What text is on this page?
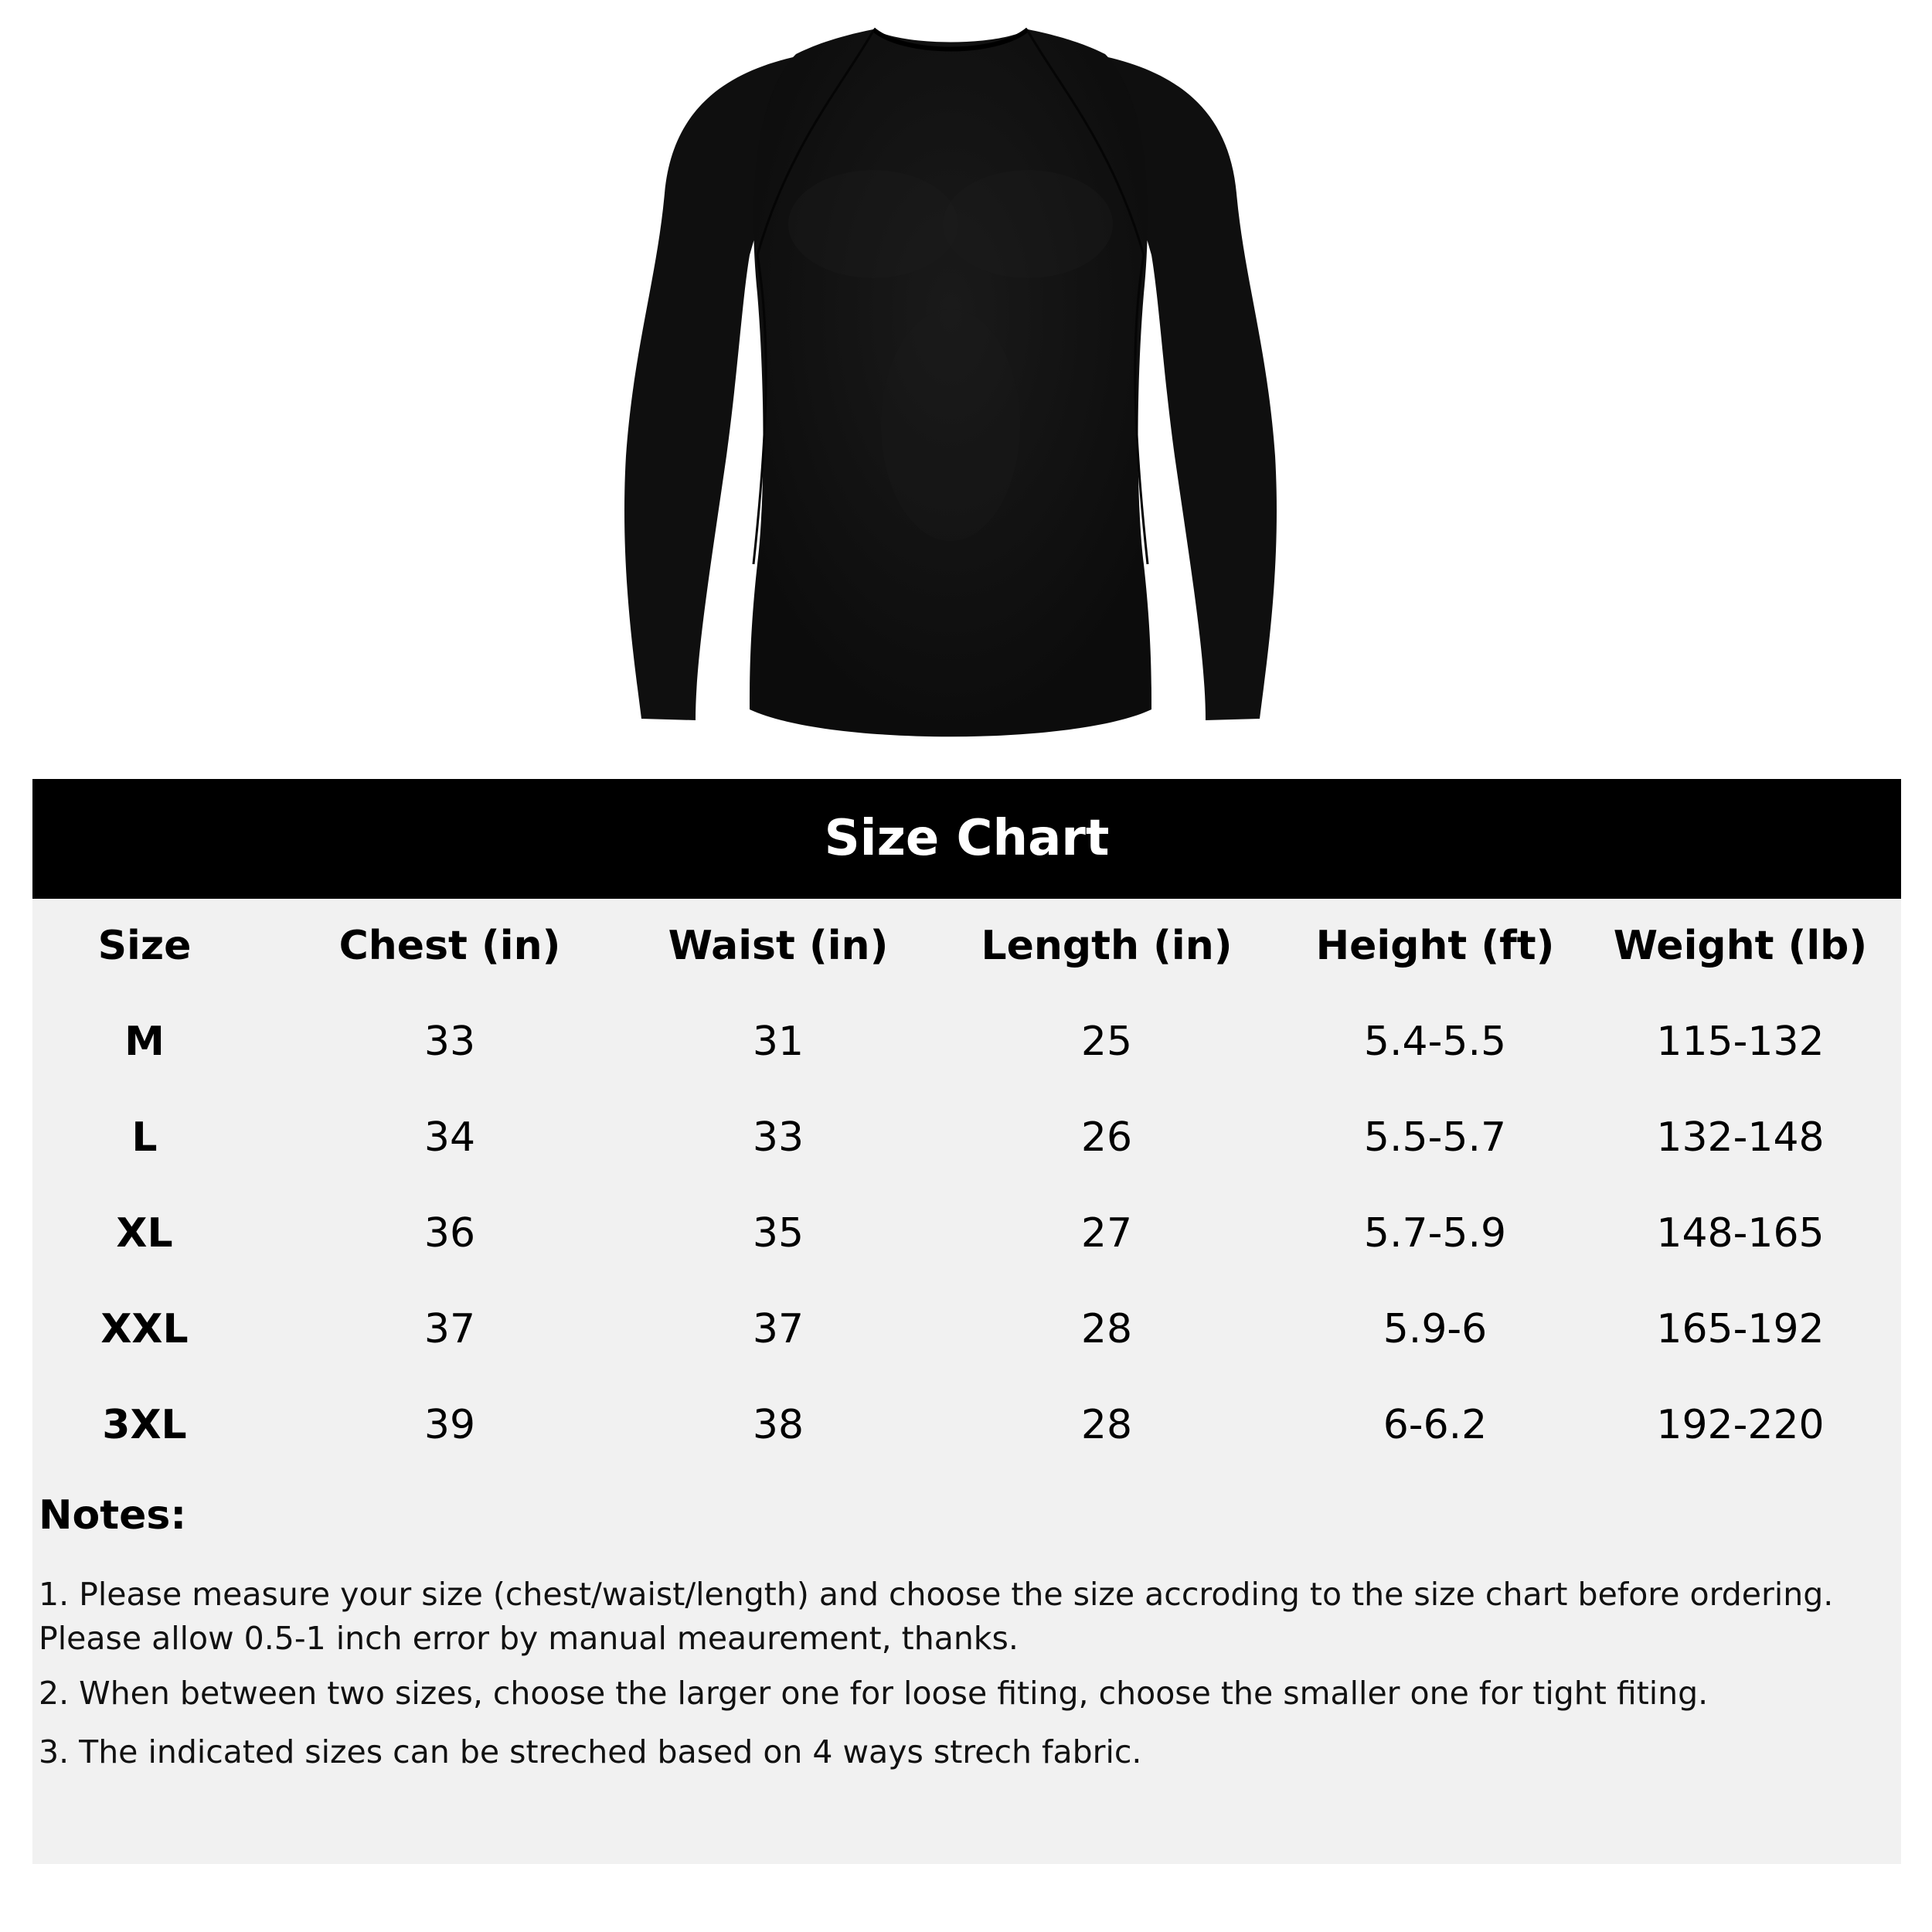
Size Chart
Size	Chest (in)	Waist (in)	Length (in)	Height (ft)	Weight (lb)
M	33	31	25	5.4-5.5	115-132
L	34	33	26	5.5-5.7	132-148
XL	36	35	27	5.7-5.9	148-165
XXL	37	37	28	5.9-6	165-192
3XL	39	38	28	6-6.2	192-220
Notes:
1. Please measure your size (chest/waist/length) and choose the size accroding to the size chart before ordering. Please allow 0.5-1 inch error by manual meaurement, thanks.
2. When between two sizes, choose the larger one for loose fiting, choose the smaller one for tight fiting.
3. The indicated sizes can be streched based on 4 ways strech fabric.
